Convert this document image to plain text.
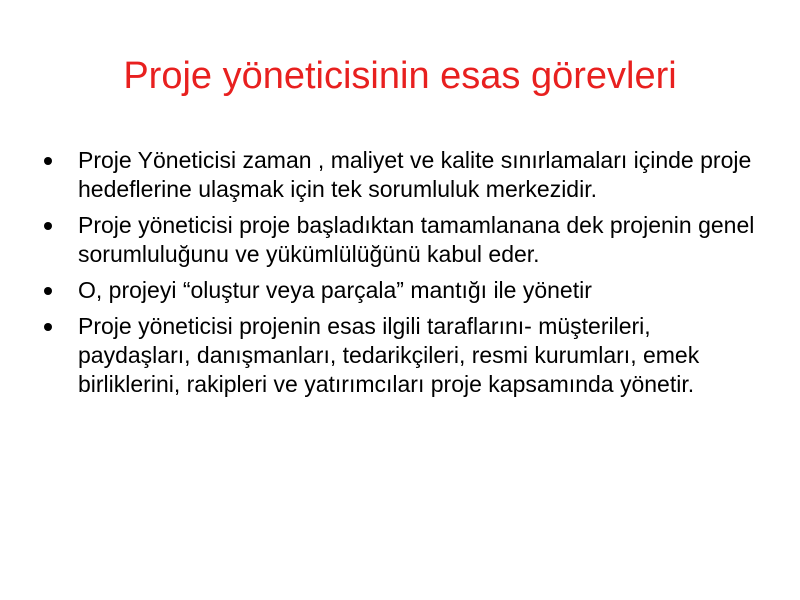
Proje yöneticisinin esas görevleri
Proje Yöneticisi zaman , maliyet ve kalite sınırlamaları içinde proje hedeflerine ulaşmak için tek sorumluluk merkezidir.
Proje yöneticisi proje başladıktan tamamlanana dek projenin genel sorumluluğunu ve yükümlülüğünü kabul eder.
O, projeyi “oluştur veya parçala” mantığı ile yönetir
Proje yöneticisi projenin esas ilgili taraflarını- müşterileri, paydaşları, danışmanları, tedarikçileri, resmi kurumları, emek birliklerini, rakipleri ve yatırımcıları proje kapsamında yönetir.
